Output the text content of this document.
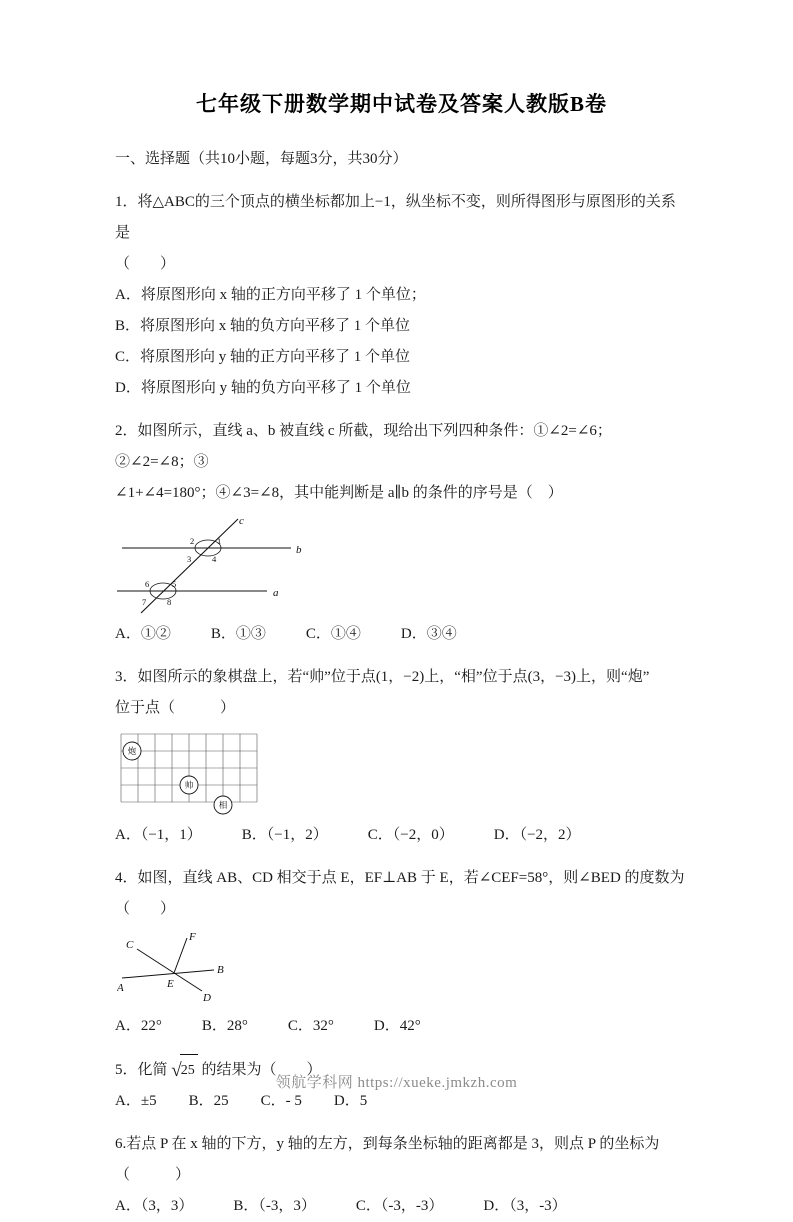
七年级下册数学期中试卷及答案人教版B卷
一、选择题（共10小题，每题3分，共30分）
1．将△ABC的三个顶点的横坐标都加上−1，纵坐标不变，则所得图形与原图形的关系是
（　　）
A．将原图形向 x 轴的正方向平移了 1 个单位；
B．将原图形向 x 轴的负方向平移了 1 个单位
C．将原图形向 y 轴的正方向平移了 1 个单位
D．将原图形向 y 轴的负方向平移了 1 个单位
2．如图所示，直线 a、b 被直线 c 所截，现给出下列四种条件：①∠2=∠6；②∠2=∠8；③
∠1+∠4=180°；④∠3=∠8，其中能判断是 a∥b 的条件的序号是（　）
b
a
c
2	1
3 4
6	5
7 8
A．①②	B．①③	C．①④	D．③④
3．如图所示的象棋盘上，若“帅”位于点(1，−2)上，“相”位于点(3，−3)上，则“炮”
位于点（　　　）
炮
帅
相
A．（−1，1）	B．（−1，2）	C．（−2，0）	D．（−2，2）
4．如图，直线 AB、CD 相交于点 E，EF⊥AB 于 E，若∠CEF=58°，则∠BED 的度数为（　　）
F
C
E
A
B
D
A．22°	B．28°	C．32°	D．42°
5．化简 √ 25 的结果为（　　）
A．±5 B．25 C．- 5 D．5
6.若点 P 在 x 轴的下方，y 轴的左方，到每条坐标轴的距离都是 3，则点 P 的坐标为（　　　）
A．（3，3）	B．（-3，3）	C．（-3，-3）	D．（3，-3）
领航学科网 https://xueke.jmkzh.com
